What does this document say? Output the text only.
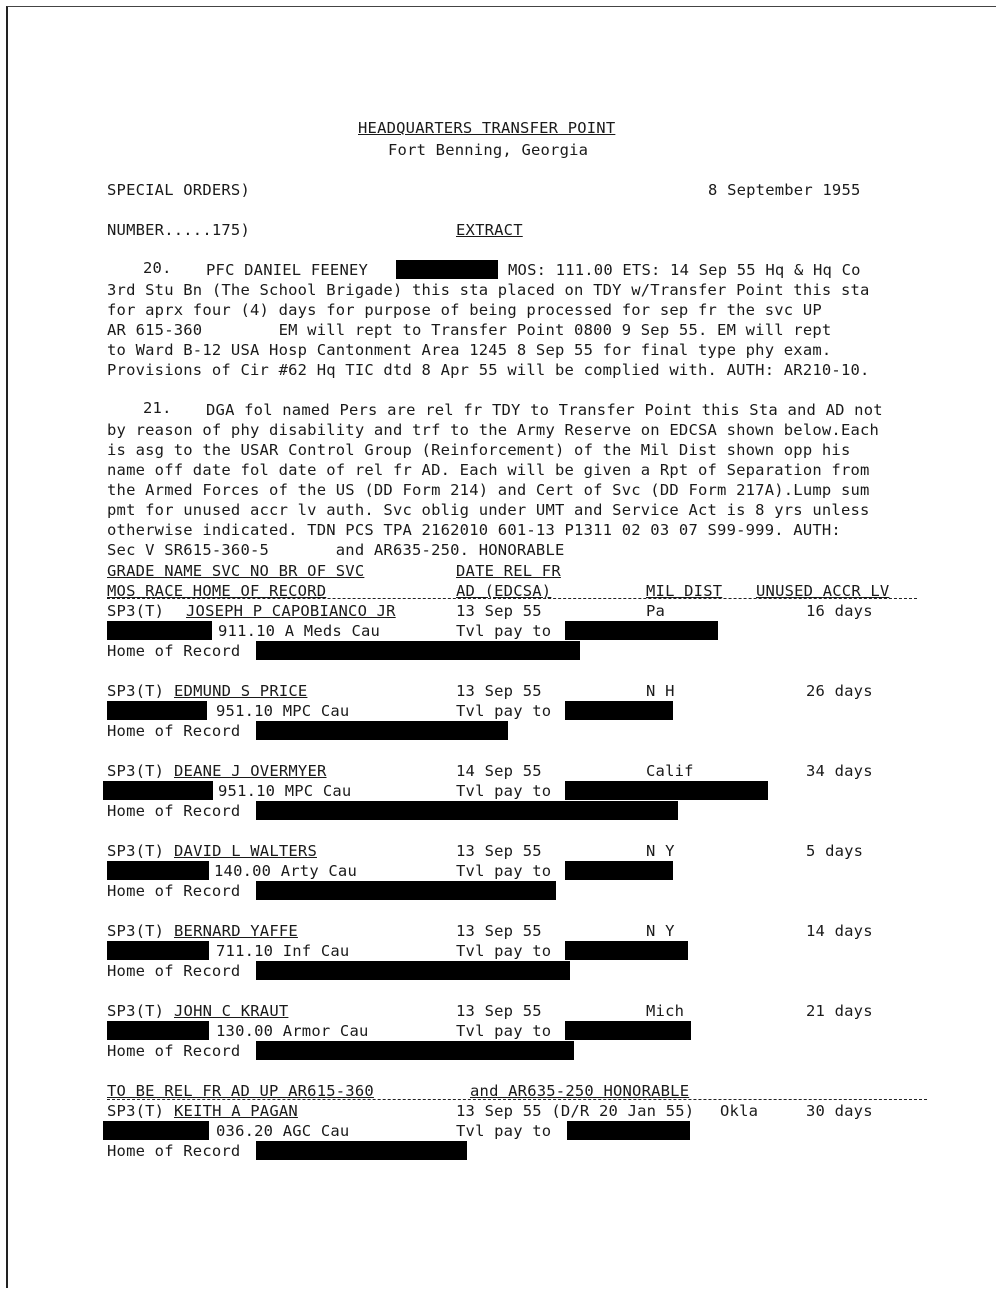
HEADQUARTERS TRANSFER POINT
Fort Benning, Georgia
SPECIAL ORDERS)	8 September 1955
NUMBER.....175)	EXTRACT
20. PFC DANIEL FEENEY	MOS: 111.00 ETS: 14 Sep 55 Hq & Hq Co
3rd Stu Bn (The School Brigade) this sta placed on TDY w/Transfer Point this sta
for aprx four (4) days for purpose of being processed for sep fr the svc UP
AR 615-360        EM will rept to Transfer Point 0800 9 Sep 55. EM will rept
to Ward B-12 USA Hosp Cantonment Area 1245 8 Sep 55 for final type phy exam.
Provisions of Cir #62 Hq TIC dtd 8 Apr 55 will be complied with. AUTH: AR210-10.
21. DGA fol named Pers are rel fr TDY to Transfer Point this Sta and AD not
by reason of phy disability and trf to the Army Reserve on EDCSA shown below.Each
is asg to the USAR Control Group (Reinforcement) of the Mil Dist shown opp his
name off date fol date of rel fr AD. Each will be given a Rpt of Separation from
the Armed Forces of the US (DD Form 214) and Cert of Svc (DD Form 217A).Lump sum
pmt for unused accr lv auth. Svc oblig under UMT and Service Act is 8 yrs unless
otherwise indicated. TDN PCS TPA 2162010 601-13 P1311 02 03 07 S99-999. AUTH:
Sec V SR615-360-5       and AR635-250. HONORABLE
GRADE NAME SVC NO BR OF SVC	DATE REL FR
MOS RACE HOME OF RECORD	AD (EDCSA)	MIL DIST UNUSED ACCR LV
SP3(T) JOSEPH P CAPOBIANCO JR	13 Sep 55	Pa	16 days
911.10 A Meds Cau	Tvl pay to
Home of Record
SP3(T) EDMUND S PRICE	13 Sep 55	N H	26 days
951.10 MPC Cau	Tvl pay to
Home of Record
SP3(T) DEANE J OVERMYER	14 Sep 55	Calif	34 days
951.10 MPC Cau	Tvl pay to
Home of Record
SP3(T) DAVID L WALTERS	13 Sep 55	N Y	5 days
140.00 Arty Cau	Tvl pay to
Home of Record
SP3(T) BERNARD YAFFE	13 Sep 55	N Y	14 days
711.10 Inf Cau	Tvl pay to
Home of Record
SP3(T) JOHN C KRAUT	13 Sep 55	Mich	21 days
130.00 Armor Cau	Tvl pay to
Home of Record
TO BE REL FR AD UP AR615-360	and AR635-250 HONORABLE
SP3(T) KEITH A PAGAN	13 Sep 55 (D/R 20 Jan 55) Okla	30 days
036.20 AGC Cau	Tvl pay to
Home of Record
